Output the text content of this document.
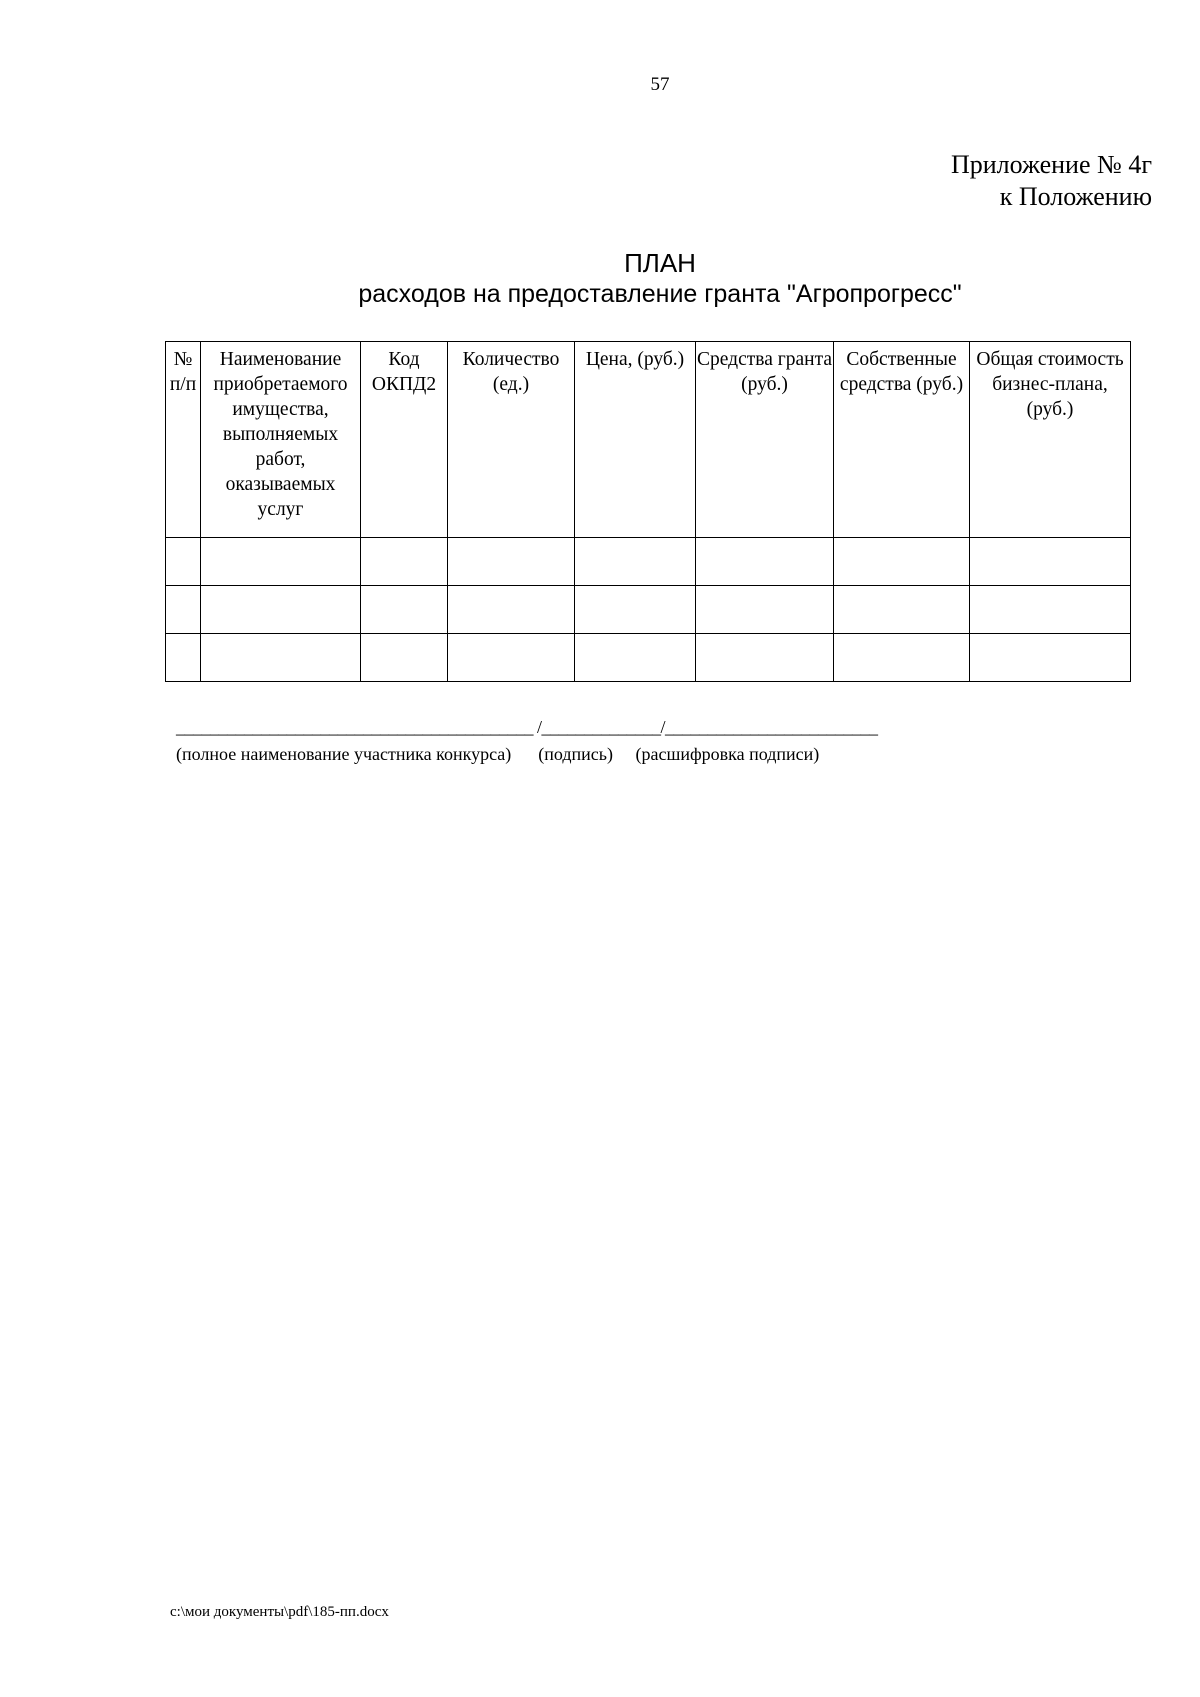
57
Приложение № 4г
к Положению
ПЛАН
расходов на предоставление гранта "Агропрогресс"
№ п/п	Наименование приобретаемого имущества, выполняемых работ, оказываемых услуг	Код ОКПД2	Количество (ед.)	Цена, (руб.)	Средства гранта (руб.)	Собственные средства (руб.)	Общая стоимость бизнес-плана, (руб.)

__________________________________________ /______________/_________________________
(полное наименование участника конкурса) (подпись) (расшифровка подписи)
c:\мои документы\pdf\185-пп.docx
